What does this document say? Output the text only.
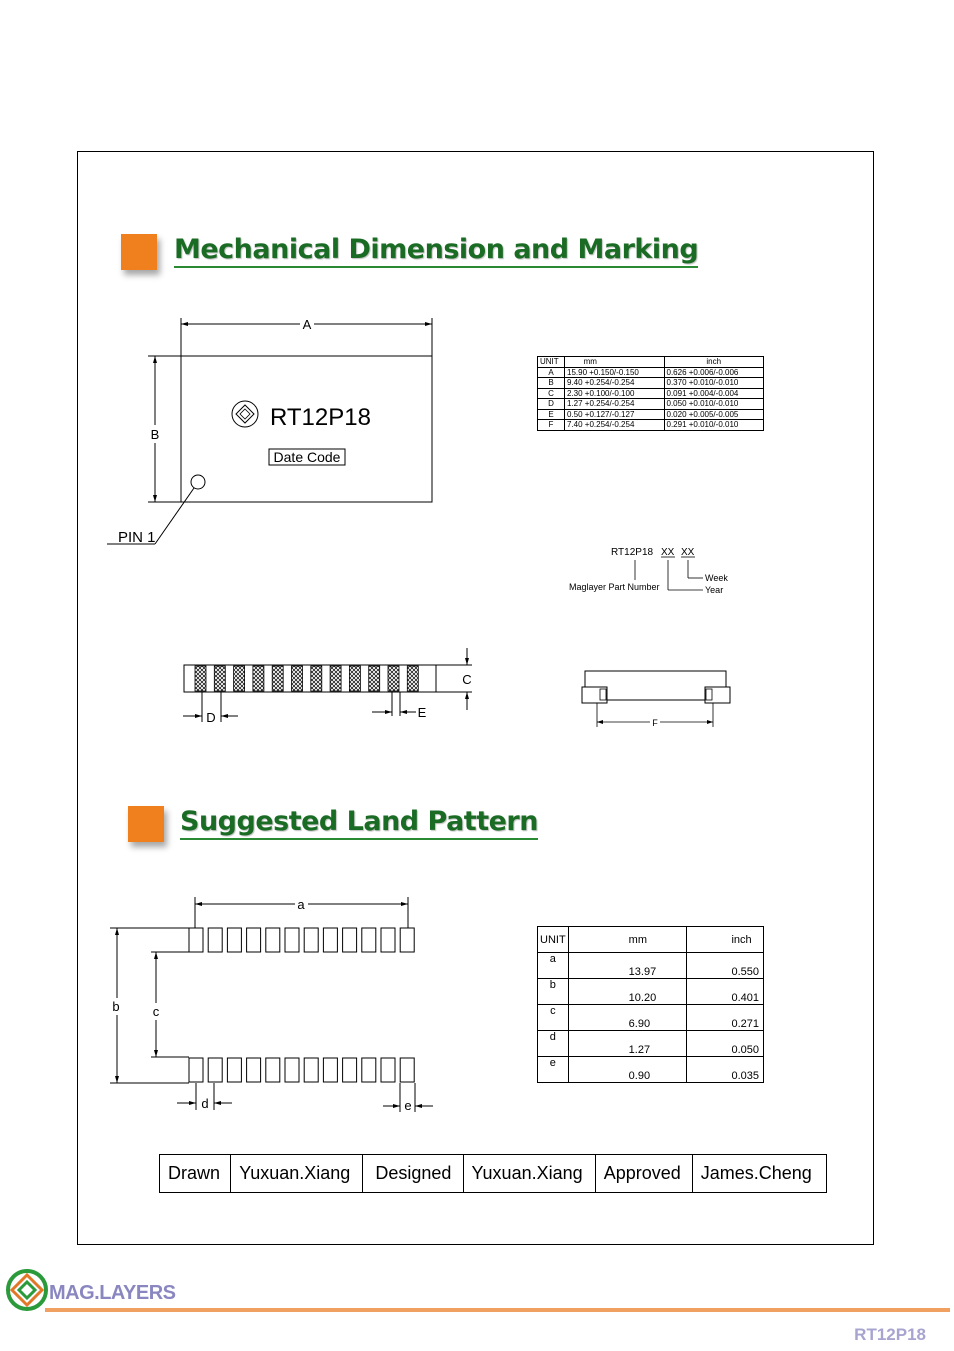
Mechanical Dimension and Marking
A
B
RT12P18
Date Code
PIN 1
UNIT	mm	inch
A	15.90 +0.150/-0.150	0.626 +0.006/-0.006
B	9.40 +0.254/-0.254	0.370 +0.010/-0.010
C	2.30 +0.100/-0.100	0.091 +0.004/-0.004
D	1.27 +0.254/-0.254	0.050 +0.010/-0.010
E	0.50 +0.127/-0.127	0.020 +0.005/-0.005
F	7.40 +0.254/-0.254	0.291 +0.010/-0.010
RT12P18 XX XX
Week
Year
Maglayer Part Number
C
D	E
F
Suggested Land Pattern
a
b	c
d	e
UNIT	mm	inch
a	13.97	0.550
b	10.20	0.401
c	6.90	0.271
d	1.27	0.050
e	0.90	0.035
Drawn	Yuxuan.Xiang	Designed	Yuxuan.Xiang	Approved	James.Cheng
MAG.LAYERS
RT12P18
